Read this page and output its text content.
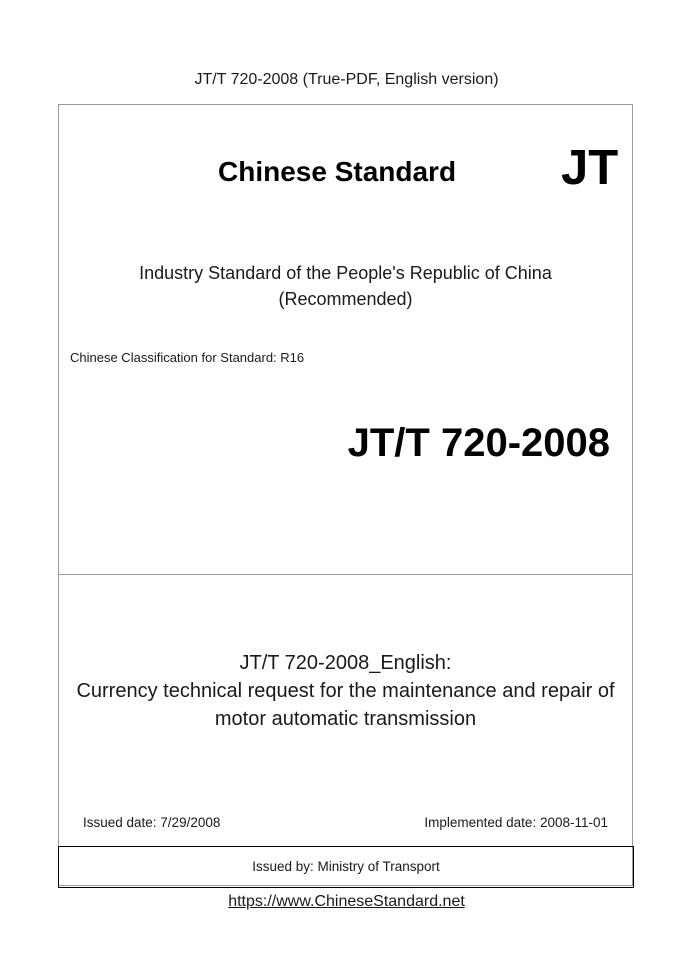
JT/T 720-2008 (True-PDF, English version)
Chinese Standard JT
Industry Standard of the People's Republic of China
(Recommended)
Chinese Classification for Standard: R16
JT/T 720-2008
JT/T 720-2008_English:
Currency technical request for the maintenance and repair of
motor automatic transmission
Issued date: 7/29/2008	Implemented date: 2008-11-01
Issued by: Ministry of Transport
https://www.ChineseStandard.net
